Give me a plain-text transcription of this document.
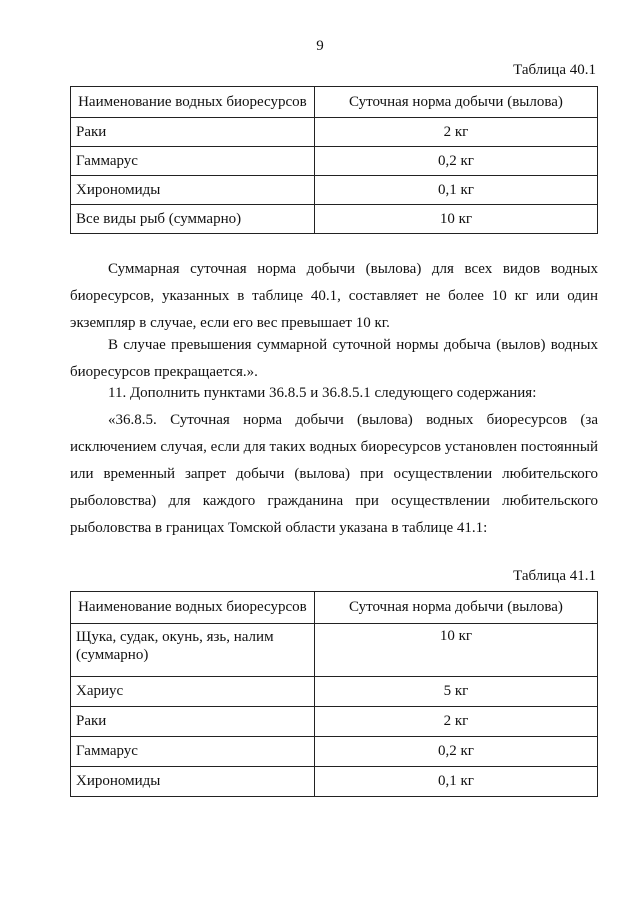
9
Таблица 40.1
Наименование водных биоресурсов	Суточная норма добычи (вылова)
Раки	2 кг
Гаммарус	0,2 кг
Хирономиды	0,1 кг
Все виды рыб (суммарно)	10 кг

Суммарная суточная норма добычи (вылова) для всех видов водных биоресурсов, указанных в таблице 40.1, составляет не более 10 кг или один экземпляр в случае, если его вес превышает 10 кг.

В случае превышения суммарной суточной нормы добыча (вылов) водных биоресурсов прекращается.».

11. Дополнить пунктами 36.8.5 и 36.8.5.1 следующего содержания:

«36.8.5. Суточная норма добычи (вылова) водных биоресурсов (за исключением случая, если для таких водных биоресурсов установлен постоянный или временный запрет добычи (вылова) при осуществлении любительского рыболовства) для каждого гражданина при осуществлении любительского рыболовства в границах Томской области указана в таблице 41.1:

Таблица 41.1
Наименование водных биоресурсов	Суточная норма добычи (вылова)
Щука, судак, окунь, язь, налим (суммарно)	10 кг
Хариус	5 кг
Раки	2 кг
Гаммарус	0,2 кг
Хирономиды	0,1 кг
